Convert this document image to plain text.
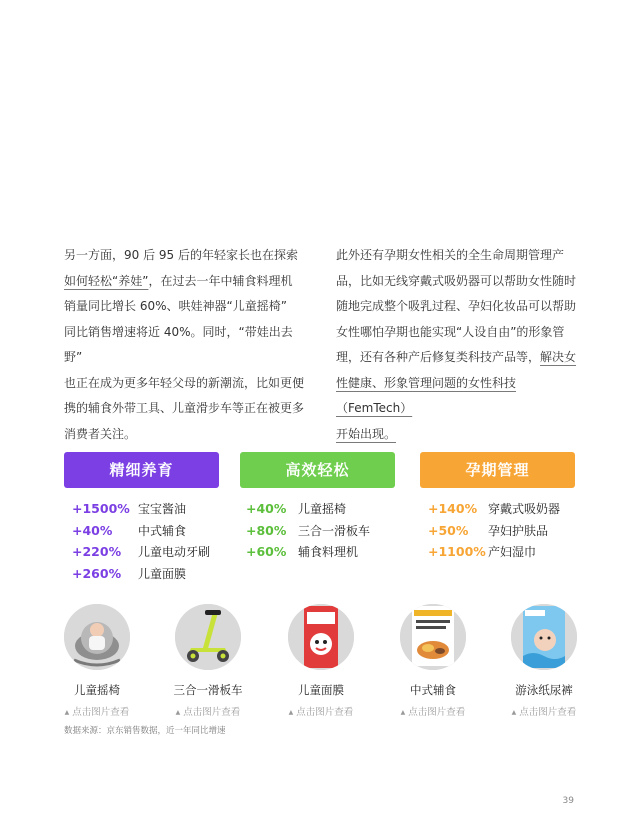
另一方面，90 后 95 后的年轻家长也在探索
如何轻松“养娃”，在过去一年中辅食料理机
销量同比增长 60%、哄娃神器“儿童摇椅”
同比销售增速将近 40%。同时，“带娃出去野”
也正在成为更多年轻父母的新潮流，比如更便
携的辅食外带工具、儿童滑步车等正在被更多
消费者关注。
此外还有孕期女性相关的全生命周期管理产
品，比如无线穿戴式吸奶器可以帮助女性随时
随地完成整个吸乳过程、孕妇化妆品可以帮助
女性哪怕孕期也能实现“人设自由”的形象管
理，还有各种产后修复类科技产品等，解决女
性健康、形象管理问题的女性科技（FemTech）
开始出现。
精细养育	高效轻松	孕期管理
+1500% 宝宝酱油
+40% 中式辅食
+220% 儿童电动牙刷
+260% 儿童面膜
+40% 儿童摇椅
+80% 三合一滑板车
+60% 辅食料理机
+140% 穿戴式吸奶器
+50% 孕妇护肤品
+1100% 产妇湿巾
儿童摇椅
▲ 点击图片查看
三合一滑板车
▲ 点击图片查看
儿童面膜
▲ 点击图片查看
中式辅食
▲ 点击图片查看
游泳纸尿裤
▲ 点击图片查看
数据来源：京东销售数据，近一年同比增速
39
